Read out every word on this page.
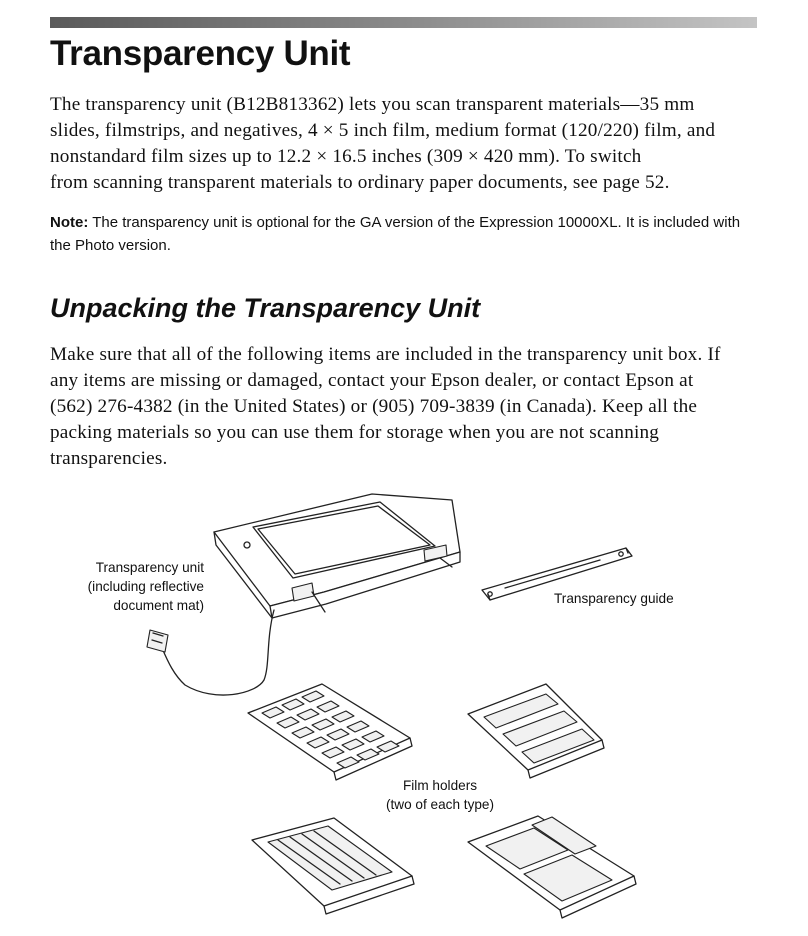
Transparency Unit

The transparency unit (B12B813362) lets you scan transparent materials—35 mm
slides, filmstrips, and negatives, 4 × 5 inch film, medium format (120/220) film, and
nonstandard film sizes up to 12.2 × 16.5 inches (309 × 420 mm). To switch
from scanning transparent materials to ordinary paper documents, see page 52.

Note: The transparency unit is optional for the GA version of the Expression 10000XL. It is included with the Photo version.

Unpacking the Transparency Unit

Make sure that all of the following items are included in the transparency unit box. If
any items are missing or damaged, contact your Epson dealer, or contact Epson at
(562) 276-4382 (in the United States) or (905) 709-3839 (in Canada). Keep all the
packing materials so you can use them for storage when you are not scanning
transparencies.

Transparency unit
(including reflective
document mat)	Transparency guide

Film holders
(two of each type)
